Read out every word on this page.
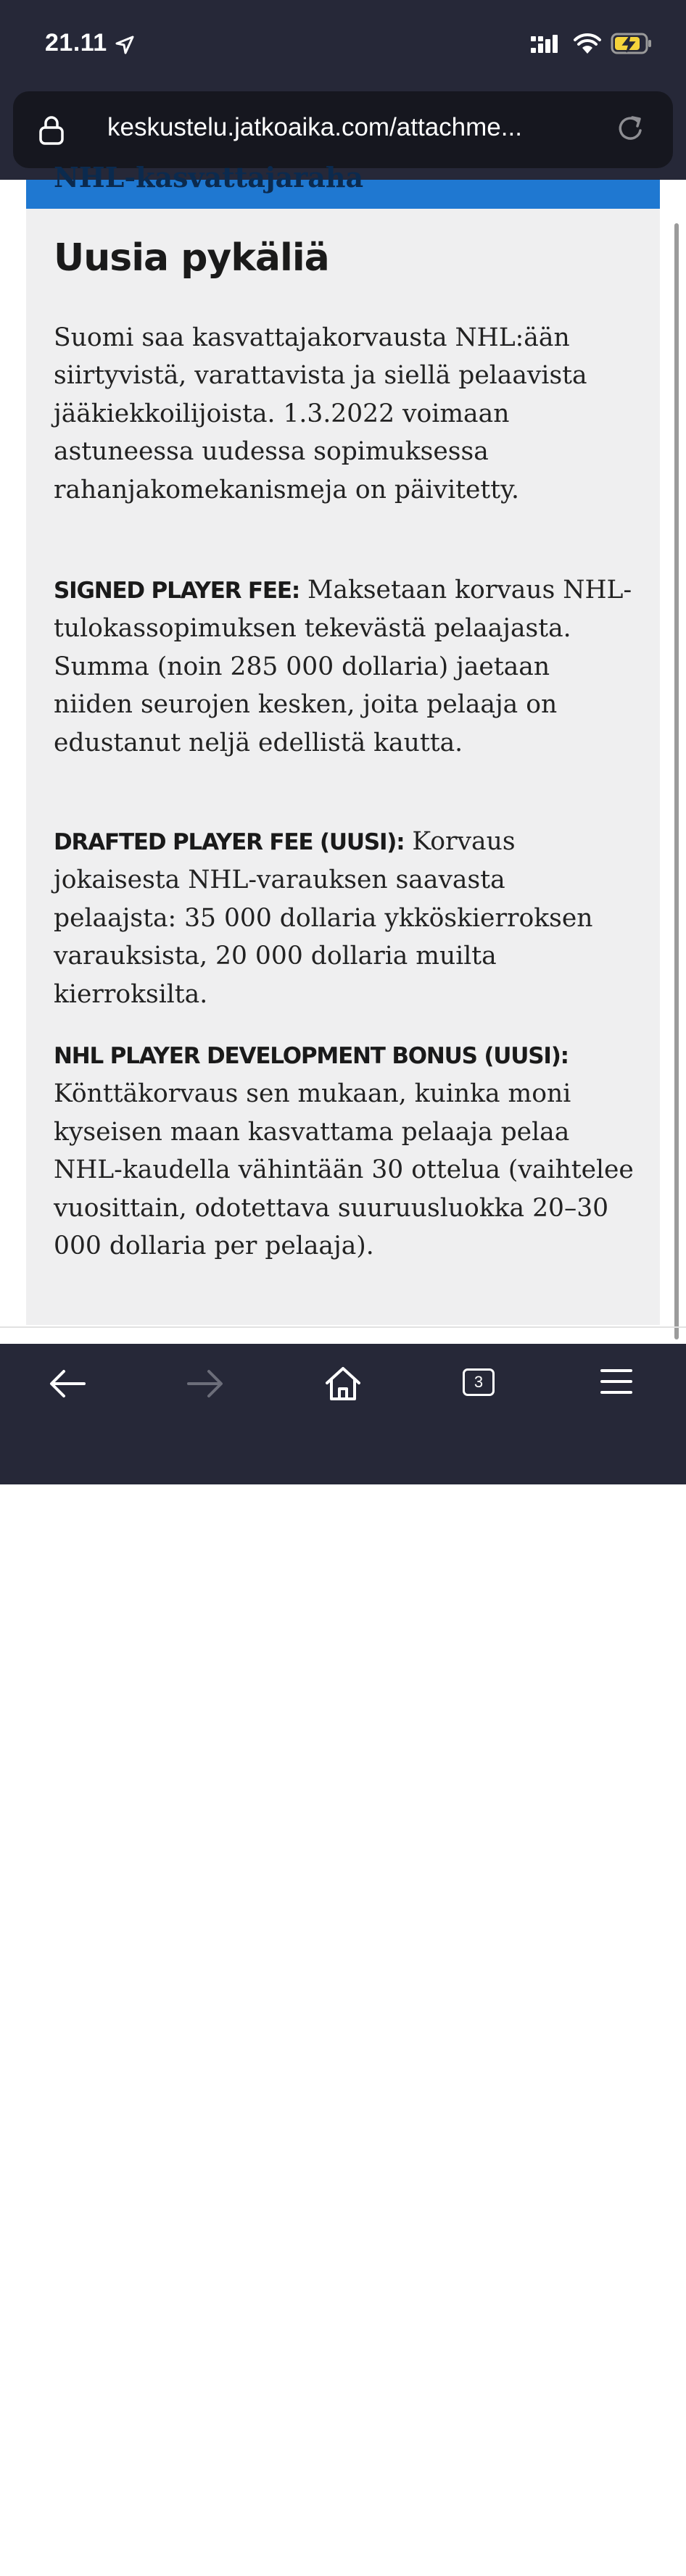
21.11
keskustelu.jatkoaika.com/attachme...
NHL-kasvattajaraha
Uusia pykäliä

Suomi saa kasvattajakorvausta NHL:ään siirtyvistä, varattavista ja siellä pelaavista jääkiekkoilijoista. 1.3.2022 voimaan astuneessa uudessa sopimuksessa rahanjakomekanismeja on päivitetty.

SIGNED PLAYER FEE: Maksetaan korvaus NHL-tulokassopimuksen tekevästä pelaajasta. Summa (noin 285 000 dollaria) jaetaan niiden seurojen kesken, joita pelaaja on edustanut neljä edellistä kautta.

DRAFTED PLAYER FEE (UUSI): Korvaus jokaisesta NHL-varauksen saavasta pelaajsta: 35 000 dollaria ykköskierroksen varauksista, 20 000 dollaria muilta kierroksilta.

NHL PLAYER DEVELOPMENT BONUS (UUSI): Könttäkorvaus sen mukaan, kuinka moni kyseisen maan kasvattama pelaaja pelaa NHL-kaudella vähintään 30 ottelua (vaihtelee vuosittain, odotettava suuruusluokka 20–30 000 dollaria per pelaaja).

3
